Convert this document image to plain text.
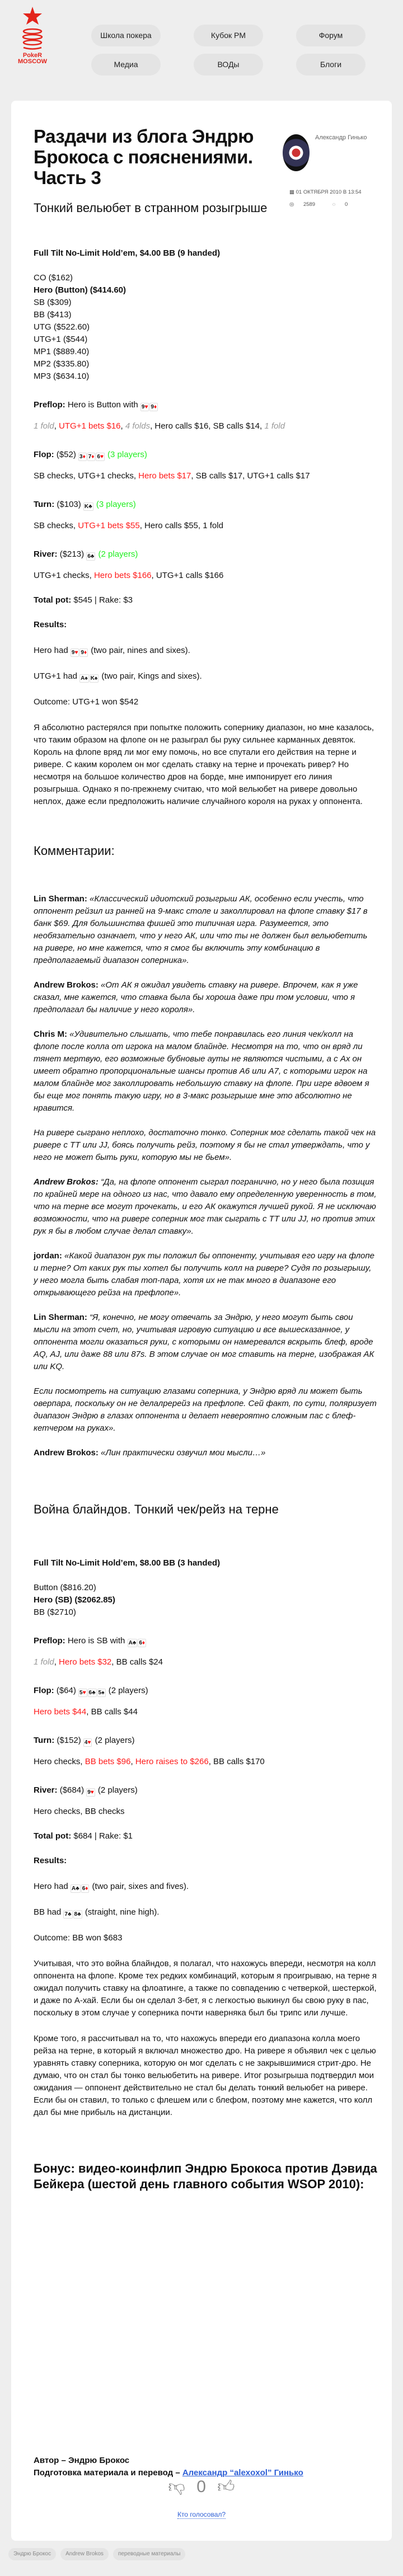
PokeR MOSCOW
Школа покера	Кубок PM	Форум
Медиа	ВОДы	Блоги
Раздачи из блога Эндрю Брокоса с пояснениями. Часть 3
Александр Гинько
▦ 01 ОКТЯБРЯ 2010 В 13:54
◎ 2589	◌ 0
Тонкий вельюбет в странном розыгрыше
Full Tilt No-Limit Hold’em, $4.00 BB (9 handed)
CO ($162)
Hero (Button) ($414.60)
SB ($309)
BB ($413)
UTG ($522.60)
UTG+1 ($544)
MP1 ($889.40)
MP2 ($335.80)
MP3 ($634.10)
Preflop: Hero is Button with 9♥ 9♦
1 fold, UTG+1 bets $16, 4 folds, Hero calls $16, SB calls $14, 1 fold
Flop: ($52) 3♦ 7♦ 6♥ (3 players)
SB checks, UTG+1 checks, Hero bets $17, SB calls $17, UTG+1 calls $17
Turn: ($103) K♣ (3 players)
SB checks, UTG+1 bets $55, Hero calls $55, 1 fold
River: ($213) 6♣ (2 players)
UTG+1 checks, Hero bets $166, UTG+1 calls $166
Total pot: $545 | Rake: $3
Results:
Hero had 9♥ 9♦ (two pair, nines and sixes).
UTG+1 had A♠ K♠ (two pair, Kings and sixes).
Outcome: UTG+1 won $542

Я абсолютно растерялся при попытке положить сопернику диапазон, но мне казалось, что таким образом на флопе он не разыграл бы руку сильнее карманных девяток. Король на флопе вряд ли мог ему помочь, но все спутали его действия на терне и ривере. С каким королем он мог сделать ставку на терне и прочекать ривер? Но несмотря на большое количество дров на борде, мне импонирует его линия розыгрыша. Однако я по-прежнему считаю, что мой вельюбет на ривере довольно неплох, даже если предположить наличие случайного короля на руках у оппонента.

Комментарии:

Lin Sherman: «Классический идиотский розыгрыш АК, особенно если учесть, что оппонент рейзил из ранней на 9-макс столе и заколлировал на флопе ставку $17 в банк $69. Для большинства фишей это типичная игра. Разумеется, это необязательно означает, что у него АК, или что ты не должен был вельюбетить на ривере, но мне кажется, что я смог бы включить эту комбинацию в предполагаемый диапазон соперника».

Andrew Brokos: «От АК я ожидал увидеть ставку на ривере. Впрочем, как я уже сказал, мне кажется, что ставка была бы хороша даже при том условии, что я предполагал бы наличие у него короля».

Chris M: «Удивительно слышать, что тебе понравилась его линия чек/колл на флопе после колла от игрока на малом блайнде. Несмотря на то, что он вряд ли тянет мертвую, его возможные бубновые ауты не являются чистыми, а с Ax он имеет обратно пропорциональные шансы против A6 или A7, с которыми игрок на малом блайнде мог заколлировать небольшую ставку на флопе. При игре вдвоем я бы еще мог понять такую игру, но в 3-макс розыгрыше мне это абсолютно не нравится.

На ривере сыграно неплохо, достаточно тонко. Соперник мог сделать такой чек на ривере с TT или JJ, боясь получить рейз, поэтому я бы не стал утверждать, что у него не может быть руки, которую мы не бьем».

Andrew Brokos: “Да, на флопе оппонент сыграл погранично, но у него была позиция по крайней мере на одного из нас, что давало ему определенную уверенность в том, что на терне все могут прочекать, и его АК окажутся лучшей рукой. Я не исключаю возможности, что на ривере соперник мог так сыграть с TT или JJ, но против этих рук я бы в любом случае делал ставку».

jordan: «Какой диапазон рук ты положил бы оппоненту, учитывая его игру на флопе и терне? От каких рук ты хотел бы получить колл на ривере? Судя по розыгрышу, у него могла быть слабая топ-пара, хотя их не так много в диапазоне его открывающего рейза на префлопе».

Lin Sherman: “Я, конечно, не могу отвечать за Эндрю, у него могут быть свои мысли на этот счет, но, учитывая игровую ситуацию и все вышесказанное, у оппонента могли оказаться руки, с которыми он намеревался вскрыть блеф, вроде AQ, AJ, или даже 88 или 87s. В этом случае он мог ставить на терне, изображая АК или KQ.

Если посмотреть на ситуацию глазами соперника, у Эндрю вряд ли может быть оверпара, поскольку он не делалререйз на префлопе. Сей факт, по сути, поляризует диапазон Эндрю в глазах оппонента и делает невероятно сложным пас с блеф-кетчером на руках».

Andrew Brokos: «Лин практически озвучил мои мысли…»

Война блайндов. Тонкий чек/рейз на терне
Full Tilt No-Limit Hold’em, $8.00 BB (3 handed)
Button ($816.20)
Hero (SB) ($2062.85)
BB ($2710)
Preflop: Hero is SB with A♣ 6♦
1 fold, Hero bets $32, BB calls $24
Flop: ($64) 5♥ 6♣ 5♠ (2 players)
Hero bets $44, BB calls $44
Turn: ($152) 4♥ (2 players)
Hero checks, BB bets $96, Hero raises to $266, BB calls $170
River: ($684) 9♥ (2 players)
Hero checks, BB checks
Total pot: $684 | Rake: $1
Results:
Hero had A♣ 6♦ (two pair, sixes and fives).
BB had 7♣ 8♣ (straight, nine high).
Outcome: BB won $683

Учитывая, что это война блайндов, я полагал, что нахожусь впереди, несмотря на колл оппонента на флопе. Кроме тех редких комбинаций, которым я проигрываю, на терне я ожидал получить ставку на флоатинге, а также по совпадению с четверкой, шестеркой, и даже по А-хай. Если бы он сделал 3-бет, я с легкостью выкинул бы свою руку в пас, поскольку в этом случае у соперника почти наверняка был бы трипс или лучше.

Кроме того, я рассчитывал на то, что нахожусь впереди его диапазона колла моего рейза на терне, в который я включал множество дро. На ривере я объявил чек с целью уравнять ставку соперника, которую он мог сделать с не закрывшимися стрит-дро. Не думаю, что он стал бы тонко вельюбетить на ривере. Итог розыгрыша подтвердил мои ожидания — оппонент действительно не стал бы делать тонкий вельюбет на ривере. Если бы он ставил, то только с флешем или с блефом, поэтому мне кажется, что колл дал бы мне прибыль на дистанции.

Бонус: видео-коинфлип Эндрю Брокоса против Дэвида Бейкера (шестой день главного события WSOP 2010):
Автор – Эндрю Брокос
Подготовка материала и перевод – Александр “alexoxol” Гинько
👎︎ 0 👍︎
Кто голосовал?
Эндрю Брокос	Andrew Brokos	переводные материалы
